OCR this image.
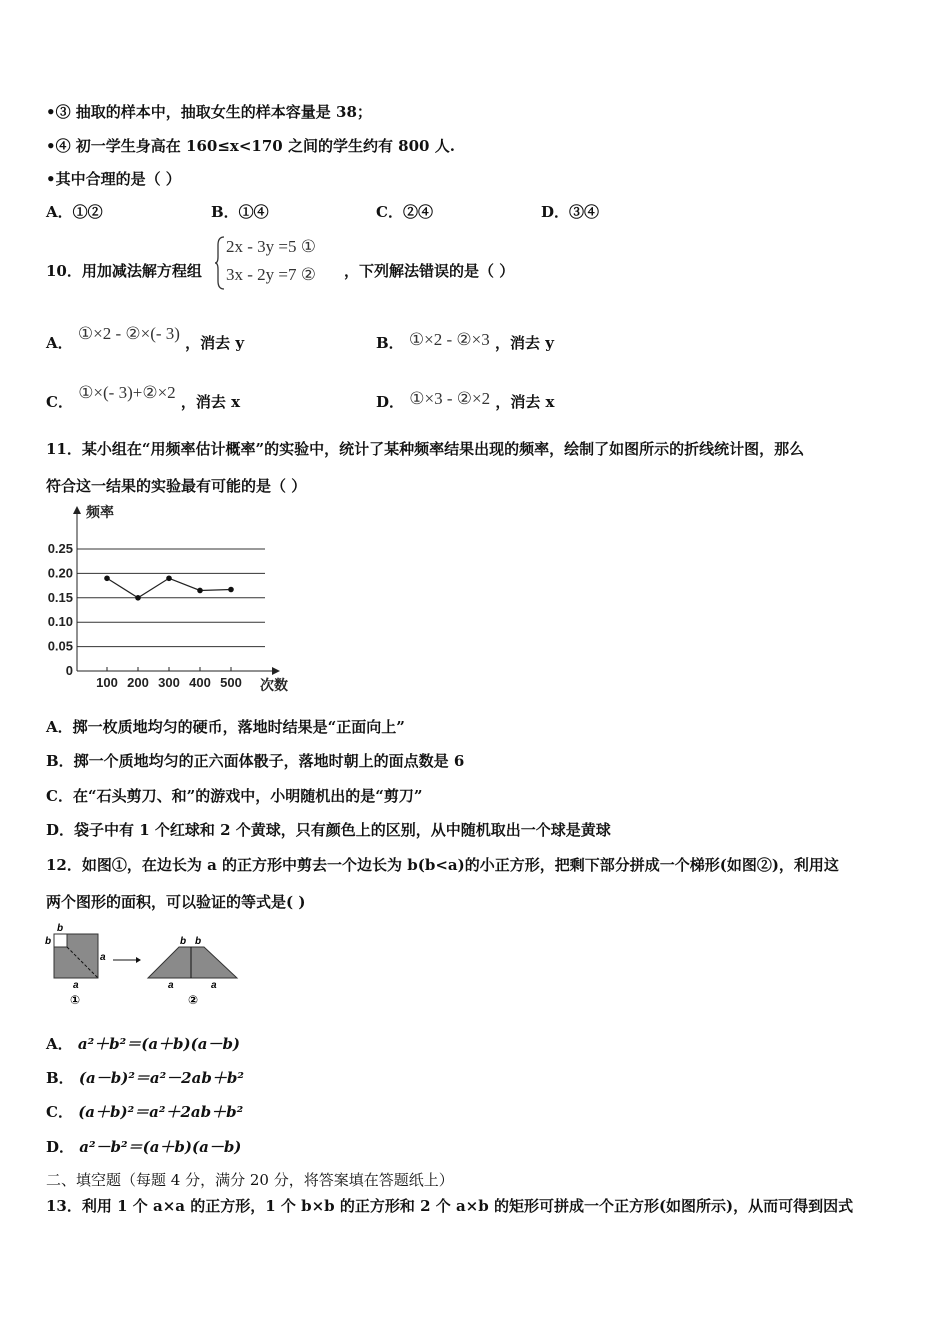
•③ 抽取的样本中，抽取女生的样本容量是 38；
•④ 初一学生身高在 160≤x<170 之间的学生约有 800 人.
•其中合理的是（ ）
A．①②	B．①④	C．②④	D．③④
10．用加减法解方程组
2x - 3y =5 ①
3x - 2y =7 ② ，下列解法错误的是（ ）
A． ①×2 - ②×(- 3) ，消去 y	B． ①×2 - ②×3 ，消去 y
C． ①×(- 3)+②×2 ，消去 x	D． ①×3 - ②×2 ，消去 x
11．某小组在“用频率估计概率”的实验中，统计了某种频率结果出现的频率，绘制了如图所示的折线统计图，那么
符合这一结果的实验最有可能的是（ ）
0
0.05
0.10
0.15
0.20
0.25
频率
次数
100 200 300 400 500
A．掷一枚质地均匀的硬币，落地时结果是“正面向上”
B．掷一个质地均匀的正六面体骰子，落地时朝上的面点数是 6
C．在“石头剪刀、和”的游戏中，小明随机出的是“剪刀”
D．袋子中有 1 个红球和 2 个黄球，只有颜色上的区别，从中随机取出一个球是黄球
12．如图①，在边长为 a 的正方形中剪去一个边长为 b(b<a)的小正方形，把剩下部分拼成一个梯形(如图②)，利用这
两个图形的面积，可以验证的等式是( )
b
b
a
a
①
b b
a	a
②
A． a²＋b²＝(a＋b)(a－b)
B． (a－b)²＝a²－2ab＋b²
C． (a＋b)²＝a²＋2ab＋b²
D． a²－b²＝(a＋b)(a－b)
二、填空题（每题 4 分，满分 20 分，将答案填在答题纸上）
13．利用 1 个 a×a 的正方形，1 个 b×b 的正方形和 2 个 a×b 的矩形可拼成一个正方形(如图所示)，从而可得到因式
